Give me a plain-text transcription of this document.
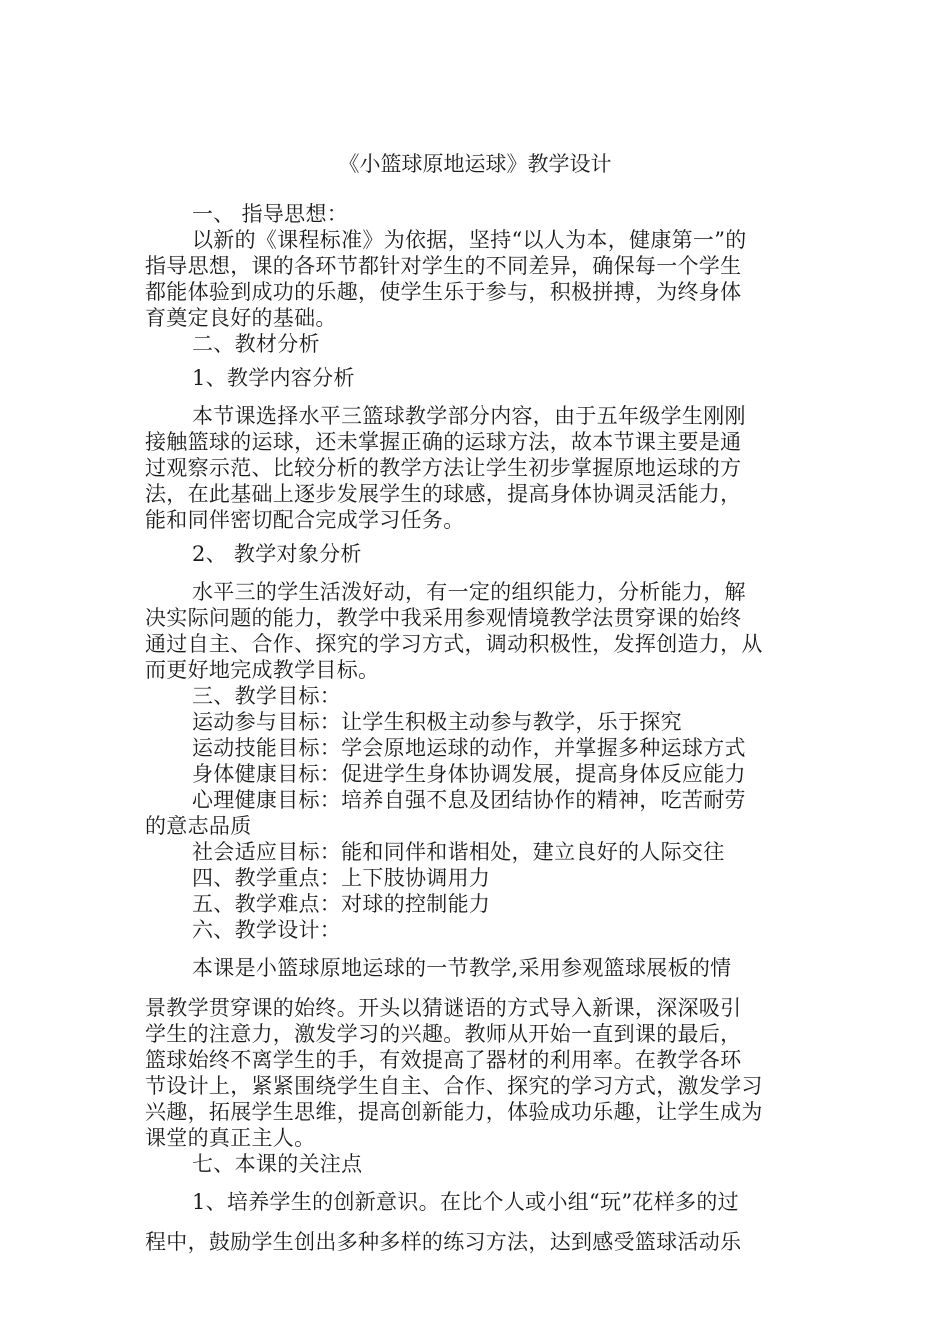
《小篮球原地运球》教学设计
一、 指导思想：
以新的《课程标准》为依据，坚持“以人为本，健康第一”的
指导思想，课的各环节都针对学生的不同差异，确保每一个学生
都能体验到成功的乐趣，使学生乐于参与，积极拼搏，为终身体
育奠定良好的基础。
二、教材分析
1、教学内容分析
本节课选择水平三篮球教学部分内容，由于五年级学生刚刚
接触篮球的运球，还未掌握正确的运球方法，故本节课主要是通
过观察示范、比较分析的教学方法让学生初步掌握原地运球的方
法，在此基础上逐步发展学生的球感，提高身体协调灵活能力，
能和同伴密切配合完成学习任务。
2、 教学对象分析
水平三的学生活泼好动，有一定的组织能力，分析能力，解
决实际问题的能力，教学中我采用参观情境教学法贯穿课的始终
通过自主、合作、探究的学习方式，调动积极性，发挥创造力，从
而更好地完成教学目标。
三、教学目标：
运动参与目标：让学生积极主动参与教学，乐于探究
运动技能目标：学会原地运球的动作，并掌握多种运球方式
身体健康目标：促进学生身体协调发展，提高身体反应能力
心理健康目标：培养自强不息及团结协作的精神，吃苦耐劳
的意志品质
社会适应目标：能和同伴和谐相处，建立良好的人际交往
四、教学重点：上下肢协调用力
五、教学难点：对球的控制能力
六、教学设计：
本课是小篮球原地运球的一节教学,采用参观篮球展板的情
景教学贯穿课的始终。开头以猜谜语的方式导入新课，深深吸引
学生的注意力，激发学习的兴趣。教师从开始一直到课的最后，
篮球始终不离学生的手，有效提高了器材的利用率。在教学各环
节设计上，紧紧围绕学生自主、合作、探究的学习方式，激发学习
兴趣，拓展学生思维，提高创新能力，体验成功乐趣，让学生成为
课堂的真正主人。
七、本课的关注点
1、培养学生的创新意识。在比个人或小组“玩”花样多的过
程中，鼓励学生创出多种多样的练习方法，达到感受篮球活动乐
